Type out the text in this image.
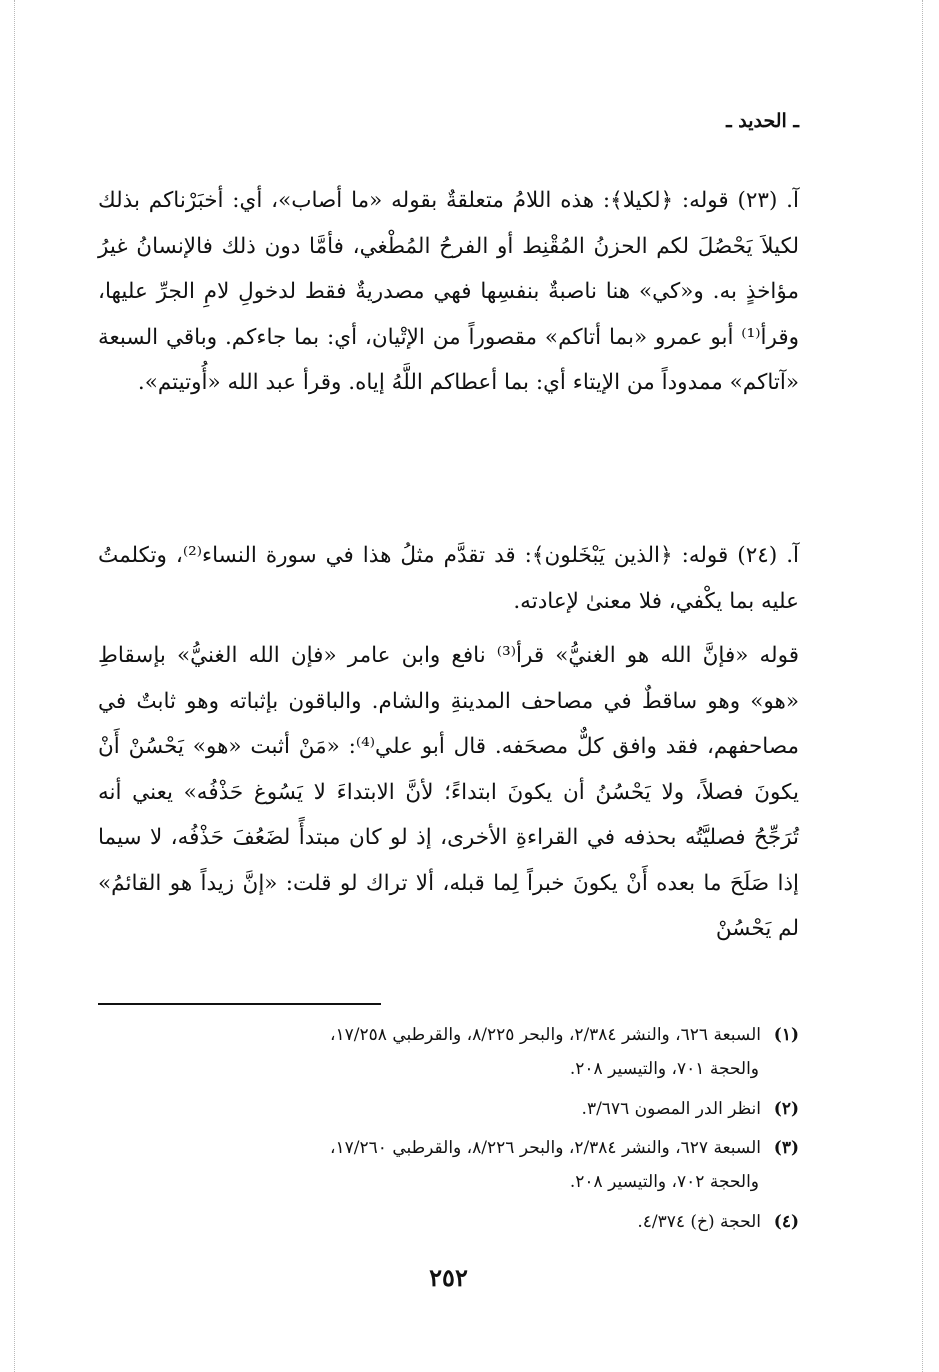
ـ الحديد ـ
آ. (٢٣) قوله: ﴿لكيلا﴾: هذه اللامُ متعلقةٌ بقوله «ما أصاب»، أي: أخبَرْناكم بذلك لكيلاَ يَحْصُلَ لكم الحزنُ المُقْنِط أو الفرحُ المُطْغي، فأمَّا دون ذلك فالإنسانُ غيرُ مؤاخذٍ به. و«كي» هنا ناصبةٌ بنفسِها فهي مصدريةٌ فقط لدخولِ لامِ الجرِّ عليها، وقرأ⁽¹⁾ أبو عمرو «بما أتاكم» مقصوراً من الإتْيان، أي: بما جاءكم. وباقي السبعة «آتاكم» ممدوداً من الإيتاء أي: بما أعطاكم اللَّهُ إياه. وقرأ عبد الله «أُوتيتم».
آ. (٢٤) قوله: ﴿الذين يَبْخَلون﴾: قد تقدَّم مثلُ هذا في سورة النساء⁽²⁾، وتكلمتُ عليه بما يكْفي، فلا معنىٰ لإعادته.
قوله «فإنَّ الله هو الغنيُّ» قرأ⁽³⁾ نافع وابن عامر «فإن الله الغنيُّ» بإسقاطِ «هو» وهو ساقطٌ في مصاحف المدينةِ والشام. والباقون بإثباته وهو ثابتٌ في مصاحفهم، فقد وافق كلٌّ مصحَفه. قال أبو علي⁽⁴⁾: «مَنْ أثبت «هو» يَحْسُنْ أَنْ يكونَ فصلاً، ولا يَحْسُنُ أن يكونَ ابتداءً؛ لأنَّ الابتداءَ لا يَسُوغ حَذْفُه» يعني أنه تُرَجِّحُ فصليَّتُه بحذفه في القراءةِ الأخرى، إذ لو كان مبتدأً لضَعُفَ حَذْفُه، لا سيما إذا صَلَحَ ما بعده أَنْ يكونَ خبراً لِما قبله، ألا تراك لو قلت: «إنَّ زيداً هو القائمُ» لم يَحْسُنْ
(١)السبعة ٦٢٦، والنشر ٢/٣٨٤، والبحر ٨/٢٢٥، والقرطبي ١٧/٢٥٨،
والحجة ٧٠١، والتيسير ٢٠٨.
(٢)انظر الدر المصون ٣/٦٧٦.
(٣)السبعة ٦٢٧، والنشر ٢/٣٨٤، والبحر ٨/٢٢٦، والقرطبي ١٧/٢٦٠،
والحجة ٧٠٢، والتيسير ٢٠٨.
(٤)الحجة (خ) ٤/٣٧٤.
٢٥٢
